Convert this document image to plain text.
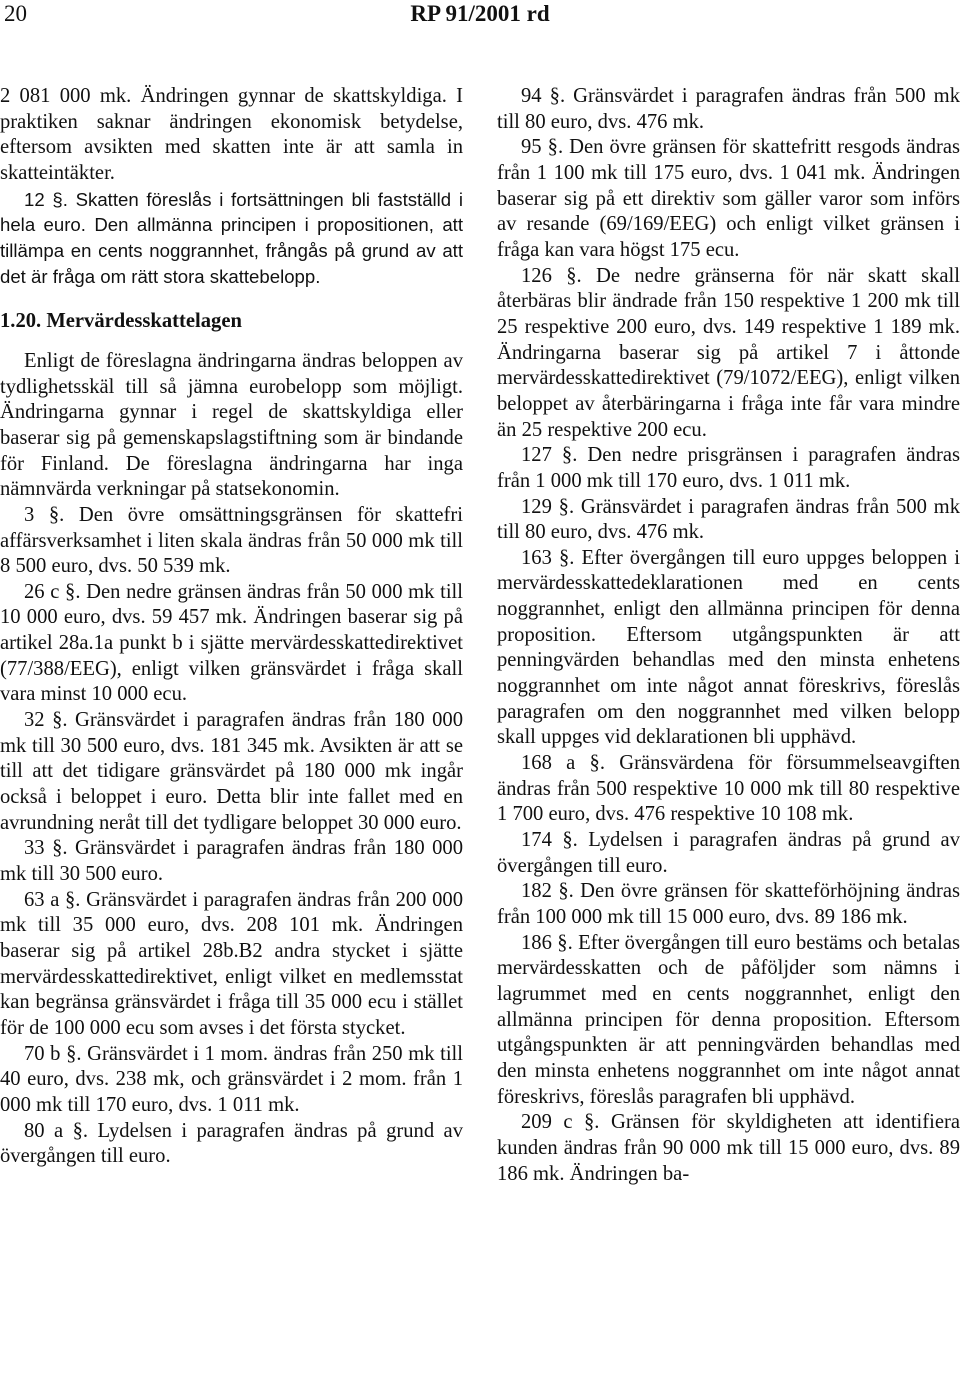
20	RP 91/2001 rd

2 081 000 mk. Ändringen gynnar de skattskyldiga. I praktiken saknar ändringen ekonomisk betydelse, eftersom avsikten med skatten inte är att samla in skatteintäkter.

12 §. Skatten föreslås i fortsättningen bli fastställd i hela euro. Den allmänna principen i propositionen, att tillämpa en cents noggrannhet, frångås på grund av att det är fråga om rätt stora skattebelopp.

1.20. Mervärdesskattelagen

Enligt de föreslagna ändringarna ändras beloppen av tydlighetsskäl till så jämna eurobelopp som möjligt. Ändringarna gynnar i regel de skattskyldiga eller baserar sig på gemenskapslagstiftning som är bindande för Finland. De föreslagna ändringarna har inga nämnvärda verkningar på statsekonomin.

3 §. Den övre omsättningsgränsen för skattefri affärsverksamhet i liten skala ändras från 50 000 mk till 8 500 euro, dvs. 50 539 mk.

26 c §. Den nedre gränsen ändras från 50 000 mk till 10 000 euro, dvs. 59 457 mk. Ändringen baserar sig på artikel 28a.1a punkt b i sjätte mervärdesskattedirektivet (77/388/EEG), enligt vilken gränsvärdet i fråga skall vara minst 10 000 ecu.

32 §. Gränsvärdet i paragrafen ändras från 180 000 mk till 30 500 euro, dvs. 181 345 mk. Avsikten är att se till att det tidigare gränsvärdet på 180 000 mk ingår också i beloppet i euro. Detta blir inte fallet med en avrundning neråt till det tydligare beloppet 30 000 euro.

33 §. Gränsvärdet i paragrafen ändras från 180 000 mk till 30 500 euro.

63 a §. Gränsvärdet i paragrafen ändras från 200 000 mk till 35 000 euro, dvs. 208 101 mk. Ändringen baserar sig på artikel 28b.B2 andra stycket i sjätte mervärdesskattedirektivet, enligt vilket en medlemsstat kan begränsa gränsvärdet i fråga till 35 000 ecu i stället för de 100 000 ecu som avses i det första stycket.

70 b §. Gränsvärdet i 1 mom. ändras från 250 mk till 40 euro, dvs. 238 mk, och gränsvärdet i 2 mom. från 1 000 mk till 170 euro, dvs. 1 011 mk.

80 a §. Lydelsen i paragrafen ändras på grund av övergången till euro.

94 §. Gränsvärdet i paragrafen ändras från 500 mk till 80 euro, dvs. 476 mk.

95 §. Den övre gränsen för skattefritt resgods ändras från 1 100 mk till 175 euro, dvs. 1 041 mk. Ändringen baserar sig på ett direktiv som gäller varor som införs av resande (69/169/EEG) och enligt vilket gränsen i fråga kan vara högst 175 ecu.

126 §. De nedre gränserna för när skatt skall återbäras blir ändrade från 150 respektive 1 200 mk till 25 respektive 200 euro, dvs. 149 respektive 1 189 mk. Ändringarna baserar sig på artikel 7 i åttonde mervärdesskattedirektivet (79/1072/EEG), enligt vilken beloppet av återbäringarna i fråga inte får vara mindre än 25 respektive 200 ecu.

127 §. Den nedre prisgränsen i paragrafen ändras från 1 000 mk till 170 euro, dvs. 1 011 mk.

129 §. Gränsvärdet i paragrafen ändras från 500 mk till 80 euro, dvs. 476 mk.

163 §. Efter övergången till euro uppges beloppen i mervärdesskattedeklarationen med en cents noggrannhet, enligt den allmänna principen för denna proposition. Eftersom utgångspunkten är att penningvärden behandlas med den minsta enhetens noggrannhet om inte något annat föreskrivs, föreslås paragrafen om den noggrannhet med vilken belopp skall uppges vid deklarationen bli upphävd.

168 a §. Gränsvärdena för försummelseavgiften ändras från 500 respektive 10 000 mk till 80 respektive 1 700 euro, dvs. 476 respektive 10 108 mk.

174 §. Lydelsen i paragrafen ändras på grund av övergången till euro.

182 §. Den övre gränsen för skatteförhöjning ändras från 100 000 mk till 15 000 euro, dvs. 89 186 mk.

186 §. Efter övergången till euro bestäms och betalas mervärdesskatten och de påföljder som nämns i lagrummet med en cents noggrannhet, enligt den allmänna principen för denna proposition. Eftersom utgångspunkten är att penningvärden behandlas med den minsta enhetens noggrannhet om inte något annat föreskrivs, föreslås paragrafen bli upphävd.

209 c §. Gränsen för skyldigheten att identifiera kunden ändras från 90 000 mk till 15 000 euro, dvs. 89 186 mk. Ändringen ba-
